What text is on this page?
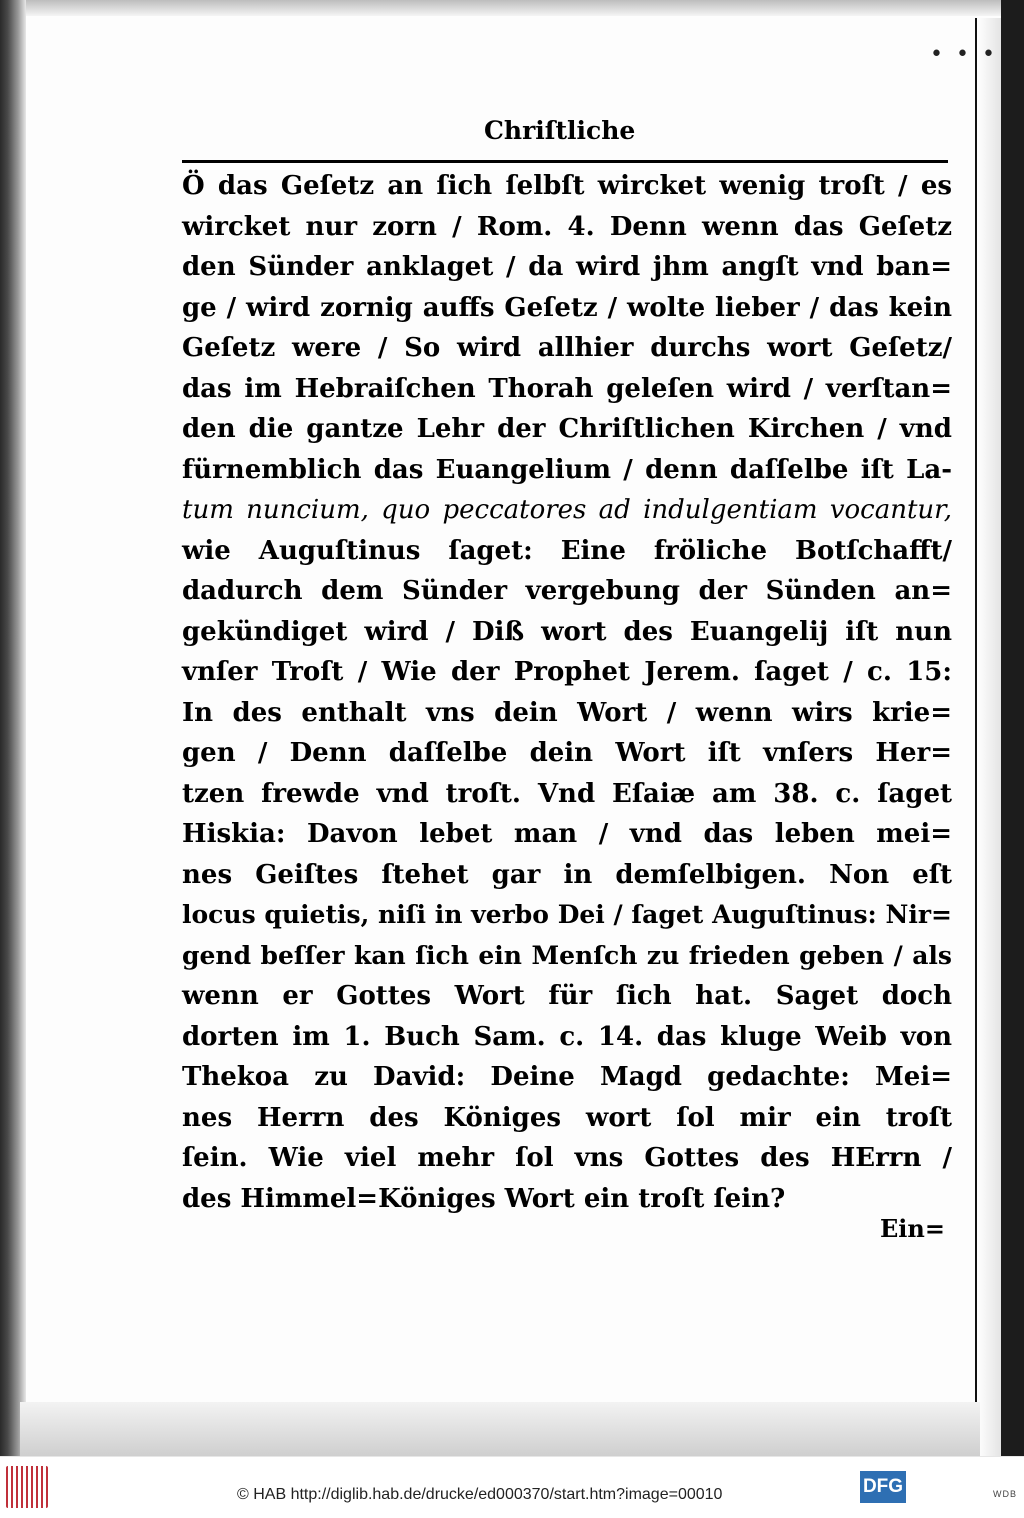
• • •
Chriſtliche
Ö das Geſetz an ſich ſelbſt wircket wenig troſt / es
wircket nur zorn / Rom. 4. Denn wenn das Geſetz
den Sünder anklaget / da wird jhm angſt vnd ban=
ge / wird zornig auffs Geſetz / wolte lieber / das kein
Geſetz were / So wird allhier durchs wort Geſetz/
das im Hebraiſchen Thorah geleſen wird / verſtan=
den die gantze Lehr der Chriſtlichen Kirchen / vnd
fürnemblich das Euangelium / denn daſſelbe iſt La-
tum nuncium, quo peccatores ad indulgentiam vocantur,
wie Auguſtinus ſaget: Eine fröliche Botſchafft/
dadurch dem Sünder vergebung der Sünden an=
gekündiget wird / Diß wort des Euangelij iſt nun
vnſer Troſt / Wie der Prophet Jerem. ſaget / c. 15:
In des enthalt vns dein Wort / wenn wirs krie=
gen / Denn daſſelbe dein Wort iſt vnſers Her=
tzen frewde vnd troſt. Vnd Eſaiæ am 38. c. ſaget
Hiskia: Davon lebet man / vnd das leben mei=
nes Geiſtes ſtehet gar in demſelbigen. Non eſt
locus quietis, niſi in verbo Dei / ſaget Auguſtinus: Nir=
gend beſſer kan ſich ein Menſch zu frieden geben / als
wenn er Gottes Wort für ſich hat. Saget doch
dorten im 1. Buch Sam. c. 14. das kluge Weib von
Thekoa zu David: Deine Magd gedachte: Mei=
nes Herrn des Königes wort ſol mir ein troſt
ſein. Wie viel mehr ſol vns Gottes des HErrn /
des Himmel=Königes Wort ein troſt ſein?
Ein=
© HAB http://diglib.hab.de/drucke/ed000370/start.htm?image=00010	DFG	WDB
